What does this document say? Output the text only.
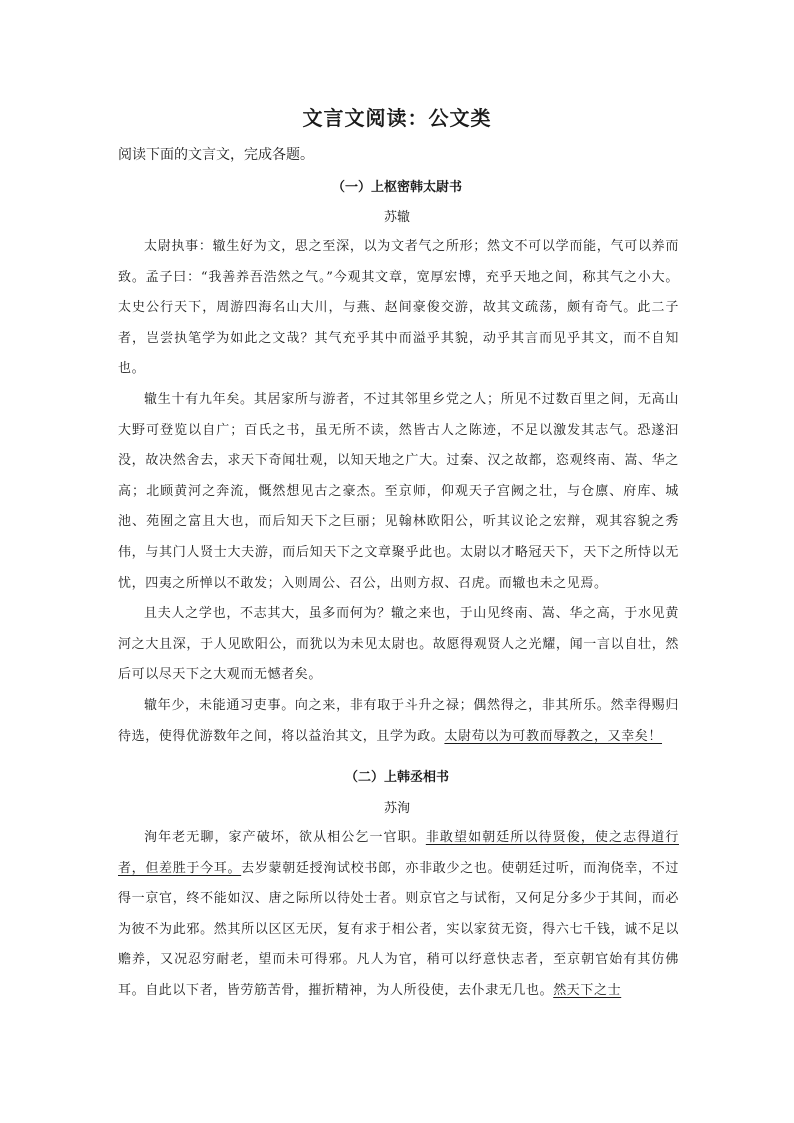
文言文阅读：公文类
阅读下面的文言文，完成各题。
（一）上枢密韩太尉书
苏辙

太尉执事：辙生好为文，思之至深，以为文者气之所形；然文不可以学而能，气可以养而致。孟子曰：“我善养吾浩然之气。”今观其文章，宽厚宏博，充乎天地之间，称其气之小大。太史公行天下，周游四海名山大川，与燕、赵间豪俊交游，故其文疏荡，颇有奇气。此二子者，岂尝执笔学为如此之文哉？其气充乎其中而溢乎其貌，动乎其言而见乎其文，而不自知也。

辙生十有九年矣。其居家所与游者，不过其邻里乡党之人；所见不过数百里之间，无高山大野可登览以自广；百氏之书，虽无所不读，然皆古人之陈迹，不足以激发其志气。恐遂汩没，故决然舍去，求天下奇闻壮观，以知天地之广大。过秦、汉之故都，恣观终南、嵩、华之高；北顾黄河之奔流，慨然想见古之豪杰。至京师，仰观天子宫阙之壮，与仓廪、府库、城池、苑囿之富且大也，而后知天下之巨丽；见翰林欧阳公，听其议论之宏辩，观其容貌之秀伟，与其门人贤士大夫游，而后知天下之文章聚乎此也。太尉以才略冠天下，天下之所恃以无忧，四夷之所惮以不敢发；入则周公、召公，出则方叔、召虎。而辙也未之见焉。

且夫人之学也，不志其大，虽多而何为？辙之来也，于山见终南、嵩、华之高，于水见黄河之大且深，于人见欧阳公，而犹以为未见太尉也。故愿得观贤人之光耀，闻一言以自壮，然后可以尽天下之大观而无憾者矣。

辙年少，未能通习吏事。向之来，非有取于斗升之禄；偶然得之，非其所乐。然幸得赐归待选，使得优游数年之间，将以益治其文，且学为政。太尉苟以为可教而辱教之，又幸矣！

（二）上韩丞相书
苏洵

洵年老无聊，家产破坏，欲从相公乞一官职。非敢望如朝廷所以待贤俊，使之志得道行者，但差胜于今耳。去岁蒙朝廷授洵试校书郎，亦非敢少之也。使朝廷过听，而洵侥幸，不过得一京官，终不能如汉、唐之际所以待处士者。则京官之与试衔，又何足分多少于其间，而必为彼不为此邪。然其所以区区无厌，复有求于相公者，实以家贫无资，得六七千钱，诚不足以赡养，又况忍穷耐老，望而未可得邪。凡人为官，稍可以纾意快志者，至京朝官始有其仿佛耳。自此以下者，皆劳筋苦骨，摧折精神，为人所役使，去仆隶无几也。然天下之士
